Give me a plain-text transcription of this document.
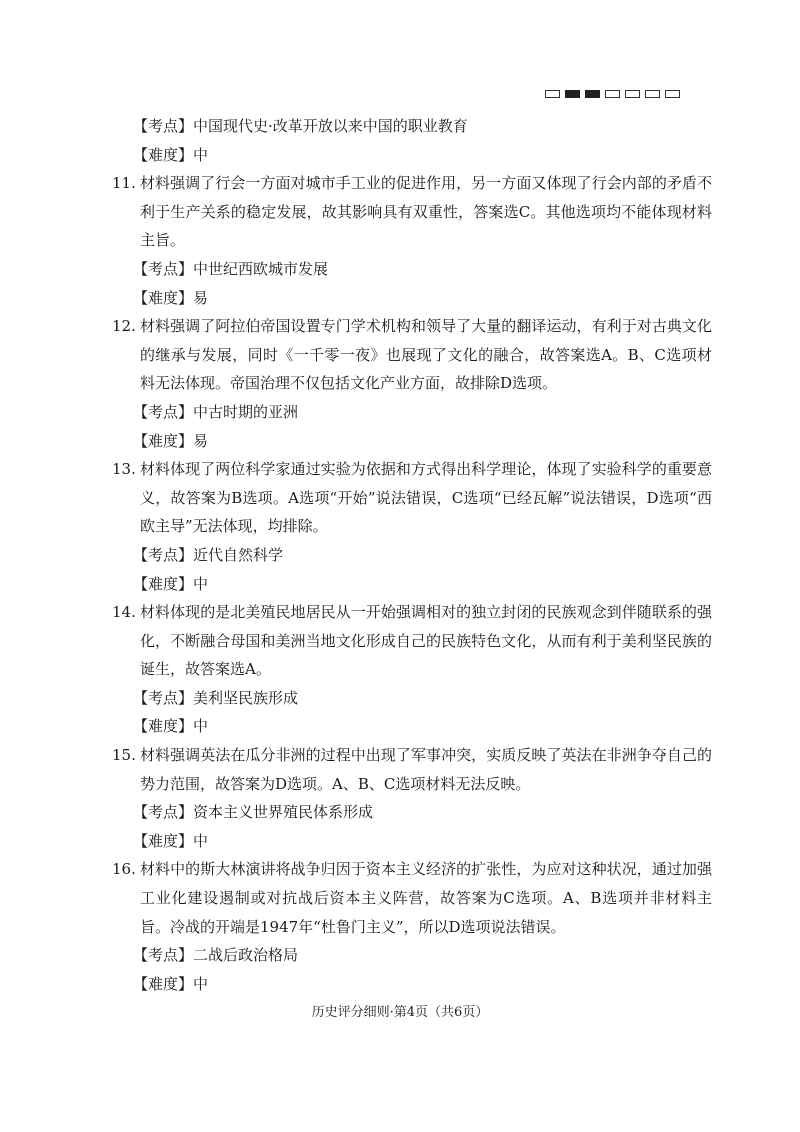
【考点】中国现代史·改革开放以来中国的职业教育
【难度】中
11. 材料强调了行会一方面对城市手工业的促进作用，另一方面又体现了行会内部的矛盾不利于生产关系的稳定发展，故其影响具有双重性，答案选C。其他选项均不能体现材料主旨。
【考点】中世纪西欧城市发展
【难度】易
12. 材料强调了阿拉伯帝国设置专门学术机构和领导了大量的翻译运动，有利于对古典文化的继承与发展，同时《一千零一夜》也展现了文化的融合，故答案选A。B、C选项材料无法体现。帝国治理不仅包括文化产业方面，故排除D选项。
【考点】中古时期的亚洲
【难度】易
13. 材料体现了两位科学家通过实验为依据和方式得出科学理论，体现了实验科学的重要意义，故答案为B选项。A选项“开始”说法错误，C选项“已经瓦解”说法错误，D选项“西欧主导”无法体现，均排除。
【考点】近代自然科学
【难度】中
14. 材料体现的是北美殖民地居民从一开始强调相对的独立封闭的民族观念到伴随联系的强化，不断融合母国和美洲当地文化形成自己的民族特色文化，从而有利于美利坚民族的诞生，故答案选A。
【考点】美利坚民族形成
【难度】中
15. 材料强调英法在瓜分非洲的过程中出现了军事冲突，实质反映了英法在非洲争夺自己的势力范围，故答案为D选项。A、B、C选项材料无法反映。
【考点】资本主义世界殖民体系形成
【难度】中
16. 材料中的斯大林演讲将战争归因于资本主义经济的扩张性，为应对这种状况，通过加强工业化建设遏制或对抗战后资本主义阵营，故答案为C选项。A、B选项并非材料主旨。冷战的开端是1947年“杜鲁门主义”，所以D选项说法错误。
【考点】二战后政治格局
【难度】中
历史评分细则·第4页（共6页）
